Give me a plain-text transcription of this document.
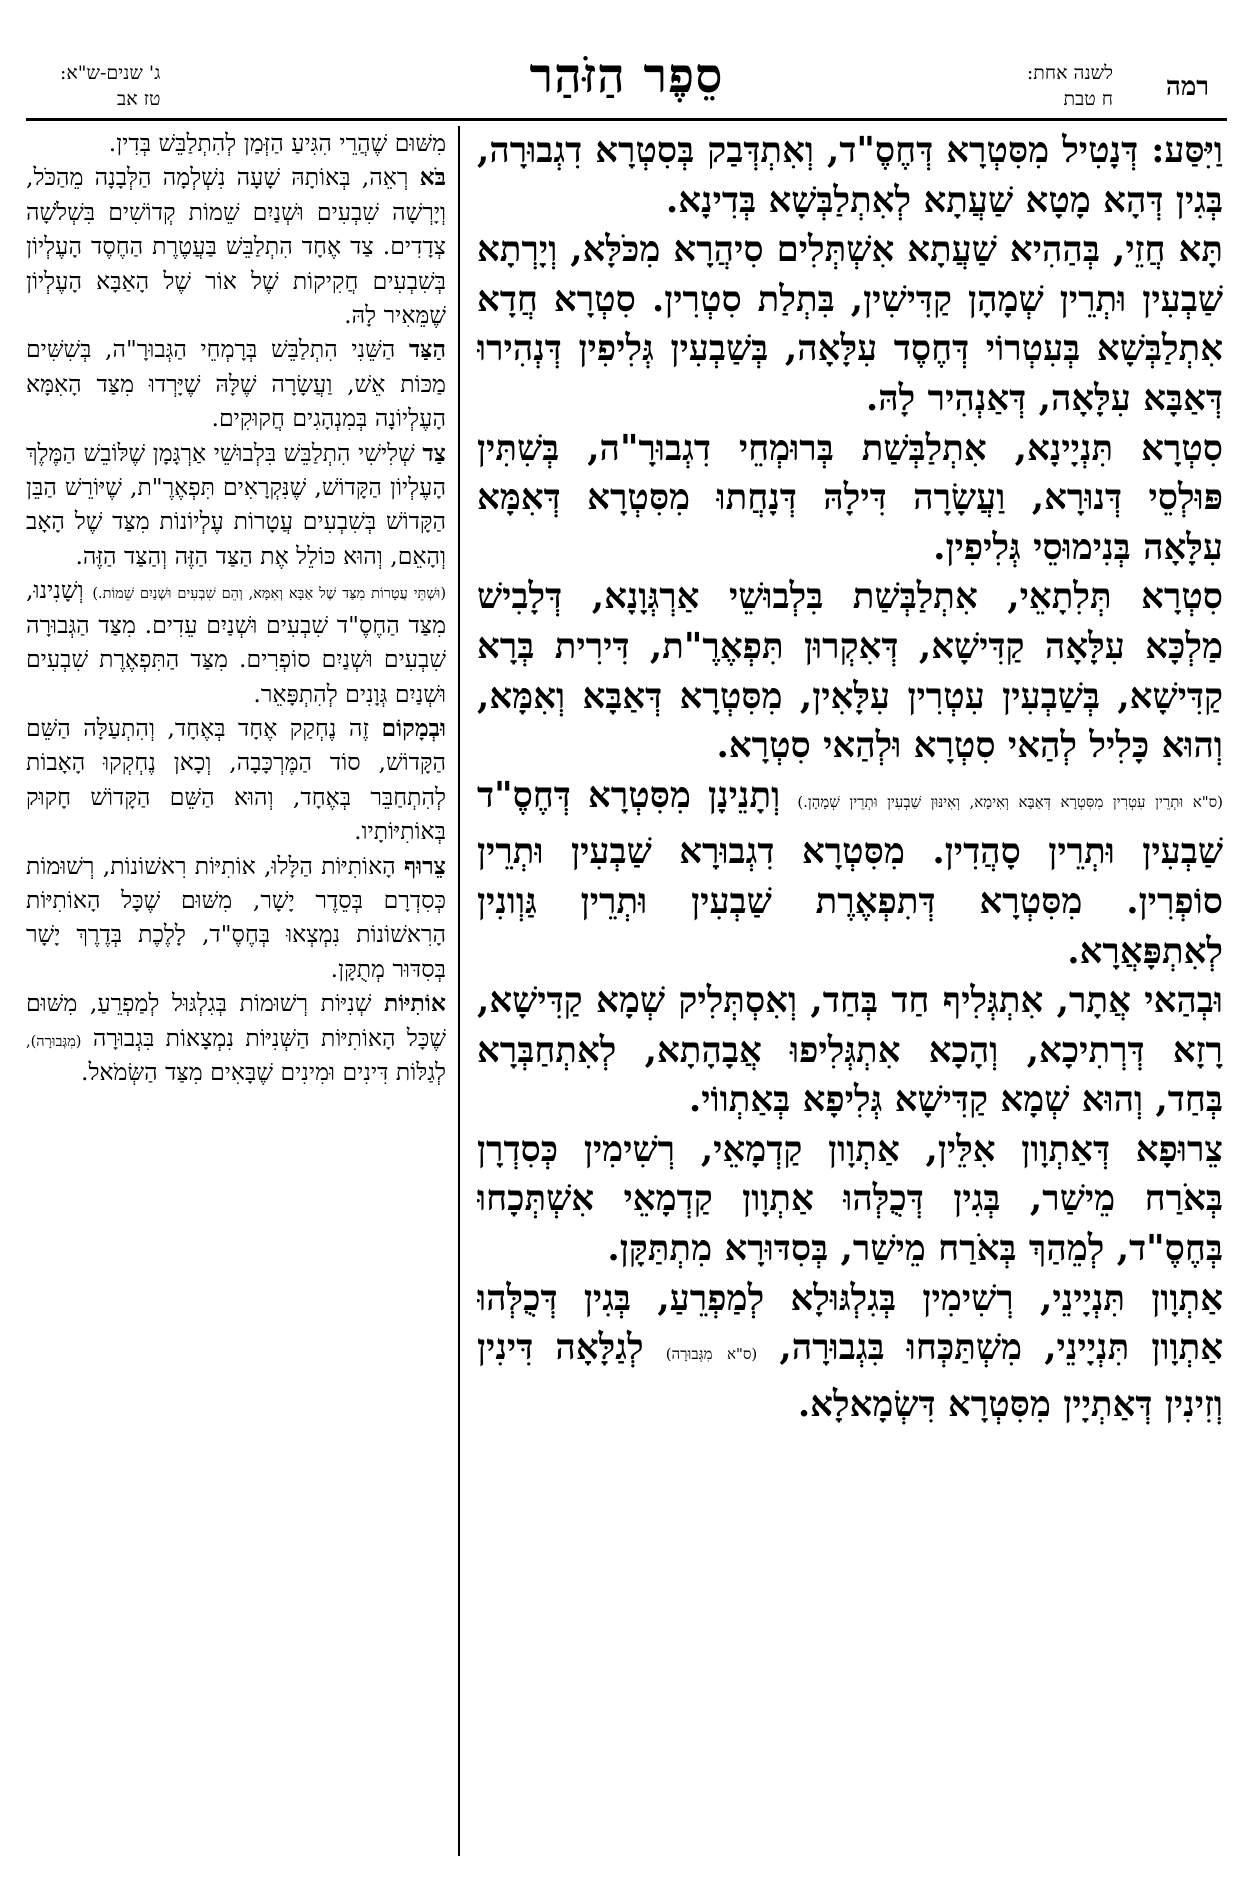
רמה
לשנה אחת:
ח טבת
סֵפֶר הַזֹּהַר
ג' שנים-ש"א:
טז אב

וַיִּסַּע: דְּנָטִיל מִסִּטְרָא דְּחֶסֶ"ד, וְאִתְדְּבַק בְּסִטְרָא דִגְבוּרָה, בְּגִין דְּהָא מָטָא שַׁעֲתָא לְאִתְלַבְּשָׁא בְּדִינָא.

תָּא חֲזֵי, בְּהַהִיא שַׁעֲתָא אִשְׁתְּלִים סִיהֲרָא מִכֹּלָּא, וְיָרְתָא שַׁבְעִין וּתְרֵין שְׁמָהָן קַדִּישִׁין, בִּתְלַת סִטְרִין. סִטְרָא חֲדָא אִתְלַבְּשָׁא בְּעִטְרוֹי דְּחֶסֶד עִלָּאָה, בְּשַׁבְעִין גְּלִיפִין דְּנְהִירוּ דְּאַבָּא עִלָּאָה, דְּאַנְהִיר לָהּ.

סִטְרָא תִּנְיָינָא, אִתְלַבְּשַׁת בְּרוּמְחֵי דִגְבוּרָ"ה, בְּשִׁתִּין פּוּלְסֵי דְּנוּרָא, וַעֲשָׂרָה דִּילָהּ דְּנָחֲתוּ מִסִּטְרָא דְּאִמָּא עִלָּאָה בְּנִימוּסֵי גְּלִיפִין.

סִטְרָא תְּלִתָאֵי, אִתְלַבְּשַׁת בִּלְבוּשֵׁי אַרְגְּוָנָא, דְּלָבִישׁ מַלְכָּא עִלָּאָה קַדִּישָׁא, דְּאִקְרוּן תִּפְאֶרֶ"ת, דִּירִית בְּרָא קַדִּישָׁא, בְּשַׁבְעִין עִטְרִין עִלָּאִין, מִסִּטְרָא דְּאַבָּא וְאִמָּא, וְהוּא כָּלִיל לְהַאי סִטְרָא וּלְהַאי סִטְרָא.

(ס"א וּתְרֵין עִטְרִין מִסִּטְרָא דְּאַבָּא וְאִימָא, וְאִינּוּן שַׁבְעִין וּתְרֵין שְׁמָהָן.) וְתָנֵינָן מִסִּטְרָא דְּחֶסֶ"ד שַׁבְעִין וּתְרֵין סָהֲדִין. מִסִּטְרָא דִגְבוּרָא שַׁבְעִין וּתְרֵין סוֹפְרִין. מִסִּטְרָא דְּתִפְאֶרֶת שַׁבְעִין וּתְרֵין גַּוְונִין לְאִתְפָּאֲרָא.

וּבְהַאי אֲתָר, אִתְגְּלִיף חַד בְּחַד, וְאִסְתְּלִיק שְׁמָא קַדִּישָׁא, רָזָא דְּרְתִיכָא, וְהָכָא אִתְגְּלִיפוּ אֲבָהָתָא, לְאִתְחַבְּרָא בְּחַד, וְהוּא שְׁמָא קַדִּישָׁא גְּלִיפָא בְּאַתְווֹי.

צֵרוּפָא דְּאַתְוָון אִלֵּין, אַתְוָון קַדְמָאֵי, רְשִׁימִין כְּסִדְרָן בְּאֹרַח מֵישַׁר, בְּגִין דְּכֻלְּהוּ אַתְוָון קַדְמָאֵי אִשְׁתְּכָחוּ בְּחֶסֶ"ד, לְמֵהַךְ בְּאֹרַח מֵישַׁר, בְּסִדּוּרָא מִתְתַּקָּן.

אַתְוָון תִּנְיָינֵי, רְשִׁימִין בְּגִלְגּוּלָא לְמַפְרֵעַ, בְּגִין דְּכֻלְּהוּ אַתְוָון תִּנְיָינֵי, מִשְׁתַּכְּחוּ בִּגְבוּרָה, (ס"א מִגְּבוּרָה) לְגַלָּאָה דִּינִין וְזִינִין דְּאַתְיָין מִסִּטְרָא דִּשְׂמָאלָא.

מִשּׁוּם שֶׁהֲרֵי הִגִּיעַ הַזְּמַן לְהִתְלַבֵּשׁ בְּדִין.

בֹּא רְאֵה, בְּאוֹתָהּ שָׁעָה נִשְׁלְמָה הַלְּבָנָה מֵהַכֹּל, וְיָרְשָׁה שִׁבְעִים וּשְׁנַיִם שֵׁמוֹת קְדוֹשִׁים בִּשְׁלֹשָׁה צְדָדִים. צַד אֶחָד הִתְלַבֵּשׁ בַּעֲטֶרֶת הַחֶסֶד הָעֶלְיוֹן בְּשִׁבְעִים חֲקִיקוֹת שֶׁל אוֹר שֶׁל הָאַבָּא הָעֶלְיוֹן שֶׁמֵּאִיר לָהּ.

הַצַּד הַשֵּׁנִי הִתְלַבֵּשׁ בְּרָמְחֵי הַגְּבוּרָ"ה, בְּשִׁשִּׁים מַכּוֹת אֵשׁ, וַעֲשָׂרָה שֶׁלָּהּ שֶׁיָּרְדוּ מִצַּד הָאִמָּא הָעֶלְיוֹנָה בְּמִנְהָגִים חֲקוּקִים.

צַד שְׁלִישִׁי הִתְלַבֵּשׁ בִּלְבוּשֵׁי אַרְגָּמָן שֶׁלּוֹבֵשׁ הַמֶּלֶךְ הָעֶלְיוֹן הַקָּדוֹשׁ, שֶׁנִּקְרָאִים תִּפְאֶרֶ"ת, שֶׁיּוֹרֵשׁ הַבֵּן הַקָּדוֹשׁ בְּשִׁבְעִים עֲטָרוֹת עֶלְיוֹנוֹת מִצַּד שֶׁל הָאָב וְהָאֵם, וְהוּא כּוֹלֵל אֶת הַצַּד הַזֶּה וְהַצַּד הַזֶּה.

(וּשְׁתֵּי עֲטָרוֹת מִצַּד שֶׁל אַבָּא וְאִמָּא, וְהֵם שִׁבְעִים וּשְׁנַיִם שֵׁמוֹת.) וְשָׁנִינוּ, מִצַּד הַחֶסֶ"ד שִׁבְעִים וּשְׁנַיִם עֵדִים. מִצַּד הַגְּבוּרָה שִׁבְעִים וּשְׁנַיִם סוֹפְרִים. מִצַּד הַתִּפְאֶרֶת שִׁבְעִים וּשְׁנַיִם גְּוָנִים לְהִתְפָּאֵר.

וּבְמָקוֹם זֶה נֶחְקַק אֶחָד בְּאֶחָד, וְהִתְעַלָּה הַשֵּׁם הַקָּדוֹשׁ, סוֹד הַמֶּרְכָּבָה, וְכָאן נֶחְקְקוּ הָאָבוֹת לְהִתְחַבֵּר בְּאֶחָד, וְהוּא הַשֵּׁם הַקָּדוֹשׁ חָקוּק בְּאוֹתִיּוֹתָיו.

צֵרוּף הָאוֹתִיּוֹת הַלָּלוּ, אוֹתִיּוֹת רִאשׁוֹנוֹת, רְשׁוּמוֹת כְּסִדְרָם בְּסֵדֶר יָשָׁר, מִשּׁוּם שֶׁכָּל הָאוֹתִיּוֹת הָרִאשׁוֹנוֹת נִמְצְאוּ בְּחֶסֶ"ד, לָלֶכֶת בְּדֶרֶךְ יָשָׁר בְּסִדּוּר מְתֻקָּן.

אוֹתִיּוֹת שְׁנִיּוֹת רְשׁוּמוֹת בְּגִלְגּוּל לְמַפְרֵעַ, מִשּׁוּם שֶׁכָּל הָאוֹתִיּוֹת הַשְּׁנִיּוֹת נִמְצָאוֹת בִּגְבוּרָה (מִגְּבוּרָה), לְגַלּוֹת דִּינִים וּמִינִים שֶׁבָּאִים מִצַּד הַשְּׂמֹאל.
